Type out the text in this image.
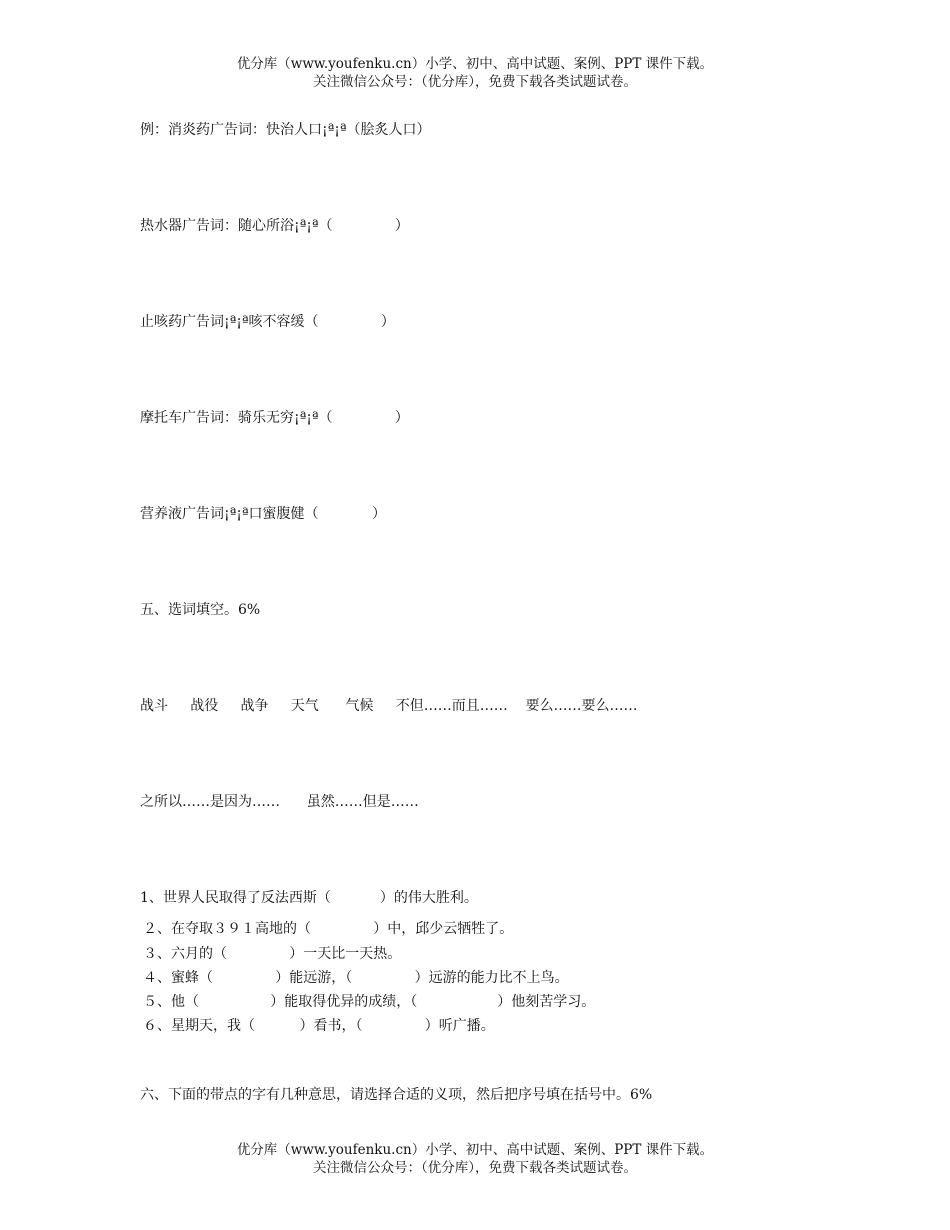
优分库（www.youfenku.cn）小学、初中、高中试题、案例、PPT 课件下载。
关注微信公众号：（优分库），免费下载各类试题试卷。
例：消炎药广告词：快治人口¡ª¡ª（脍炙人口）
热水器广告词：随心所浴¡ª¡ª（              ）
止咳药广告词¡ª¡ª咳不容缓（              ）
摩托车广告词：骑乐无穷¡ª¡ª（              ）
营养液广告词¡ª¡ª口蜜腹健（            ）
五、选词填空。6%
战斗     战役     战争     天气      气候     不但……而且……    要么……要么……
之所以……是因为……      虽然……但是……
1、世界人民取得了反法西斯（           ）的伟大胜利。
２、在夺取３９１高地的（              ）中，邱少云牺牲了。
３、六月的（              ）一天比一天热。
４、蜜蜂（              ）能远游，（              ）远游的能力比不上鸟。
５、他（                ）能取得优异的成绩，（                  ）他刻苦学习。
６、星期天，我（          ）看书，（              ）听广播。
六、下面的带点的字有几种意思，请选择合适的义项，然后把序号填在括号中。6%
优分库（www.youfenku.cn）小学、初中、高中试题、案例、PPT 课件下载。
关注微信公众号：（优分库），免费下载各类试题试卷。
